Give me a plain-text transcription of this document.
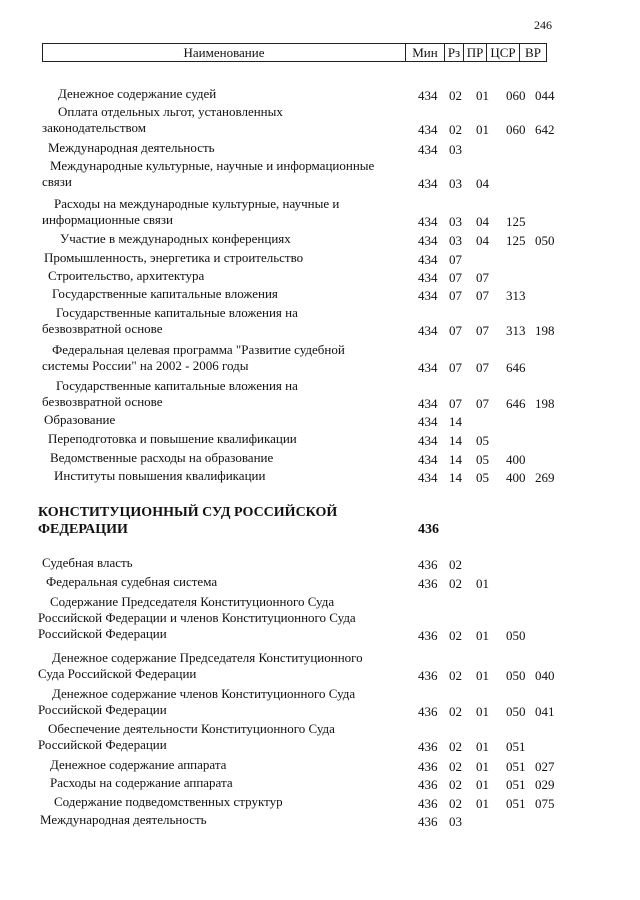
246
Наименование	Мин	Рз	ПР	ЦСР	ВР
Денежное содержание судей	434 02 01 060 044
Оплата отдельных льгот, установленных
законодательством	434 02 01 060 642
Международная деятельность	434 03
Международные культурные, научные и информационные
связи	434 03 04
Расходы на международные культурные, научные и
информационные связи	434 03 04 125
Участие в международных конференциях	434 03 04 125 050
Промышленность, энергетика и строительство	434 07
Строительство, архитектура	434 07 07
Государственные капитальные вложения	434 07 07 313
Государственные капитальные вложения на
безвозвратной основе	434 07 07 313 198
Федеральная целевая программа "Развитие судебной
системы России" на 2002 - 2006 годы	434 07 07 646
Государственные капитальные вложения на
безвозвратной основе	434 07 07 646 198
Образование	434 14
Переподготовка и повышение квалификации	434 14 05
Ведомственные расходы на образование	434 14 05 400
Институты повышения квалификации	434 14 05 400 269
КОНСТИТУЦИОННЫЙ СУД РОССИЙСКОЙ
ФЕДЕРАЦИИ	436
Судебная власть	436 02
Федеральная судебная система	436 02 01
Содержание Председателя Конституционного Суда
Российской Федерации и членов Конституционного Суда
Российской Федерации	436 02 01 050
Денежное содержание Председателя Конституционного
Суда Российской Федерации	436 02 01 050 040
Денежное содержание членов Конституционного Суда
Российской Федерации	436 02 01 050 041
Обеспечение деятельности Конституционного Суда
Российской Федерации	436 02 01 051
Денежное содержание аппарата	436 02 01 051 027
Расходы на содержание аппарата	436 02 01 051 029
Содержание подведомственных структур	436 02 01 051 075
Международная деятельность	436 03
